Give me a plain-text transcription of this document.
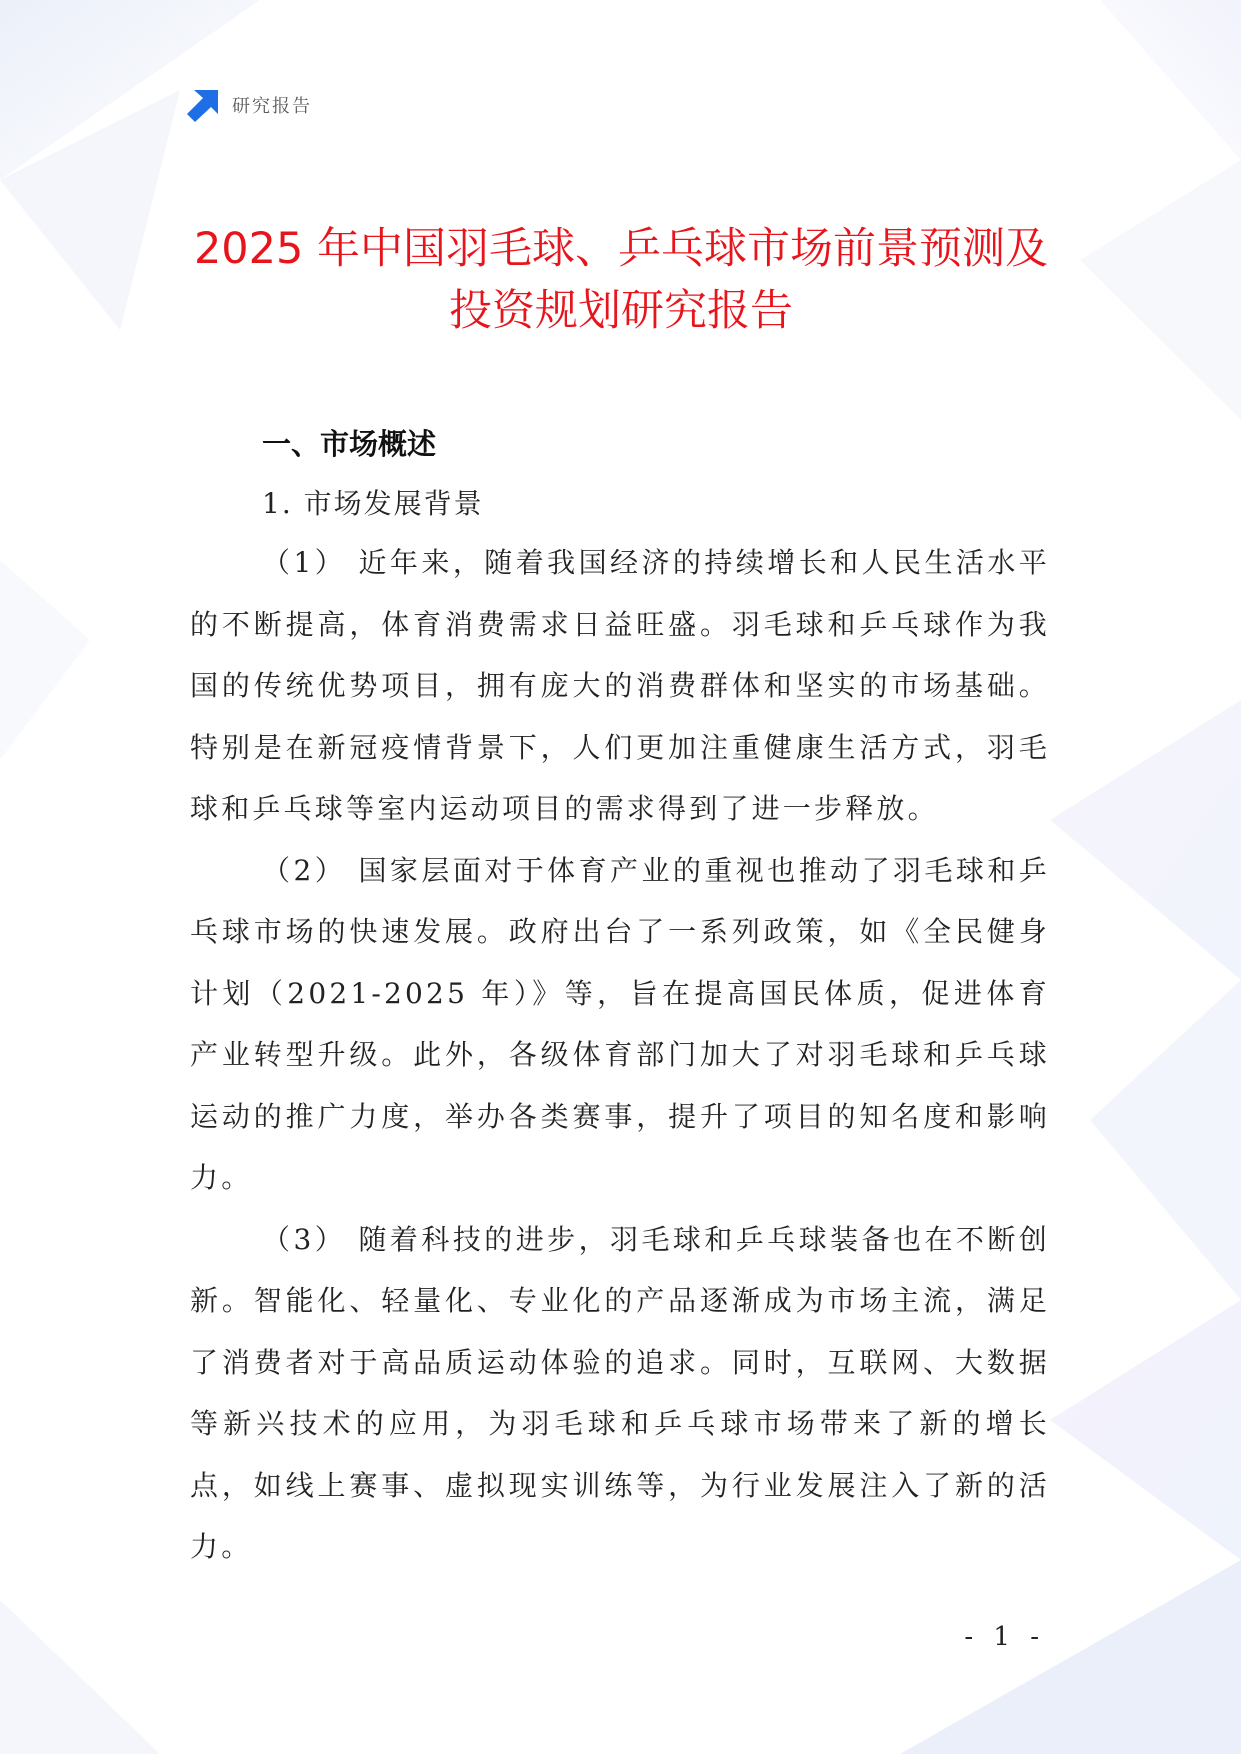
研究报告
2025 年中国羽毛球、乒乓球市场前景预测及投资规划研究报告
一、市场概述
1. 市场发展背景

（1） 近年来，随着我国经济的持续增长和人民生活水平的不断提高，体育消费需求日益旺盛。羽毛球和乒乓球作为我国的传统优势项目，拥有庞大的消费群体和坚实的市场基础。特别是在新冠疫情背景下，人们更加注重健康生活方式，羽毛球和乒乓球等室内运动项目的需求得到了进一步释放。

（2） 国家层面对于体育产业的重视也推动了羽毛球和乒乓球市场的快速发展。政府出台了一系列政策，如《全民健身计划（2021-2025 年）》等，旨在提高国民体质，促进体育产业转型升级。此外，各级体育部门加大了对羽毛球和乒乓球运动的推广力度，举办各类赛事，提升了项目的知名度和影响力。

（3） 随着科技的进步，羽毛球和乒乓球装备也在不断创新。智能化、轻量化、专业化的产品逐渐成为市场主流，满足了消费者对于高品质运动体验的追求。同时，互联网、大数据等新兴技术的应用，为羽毛球和乒乓球市场带来了新的增长点，如线上赛事、虚拟现实训练等，为行业发展注入了新的活力。

- 1 -
